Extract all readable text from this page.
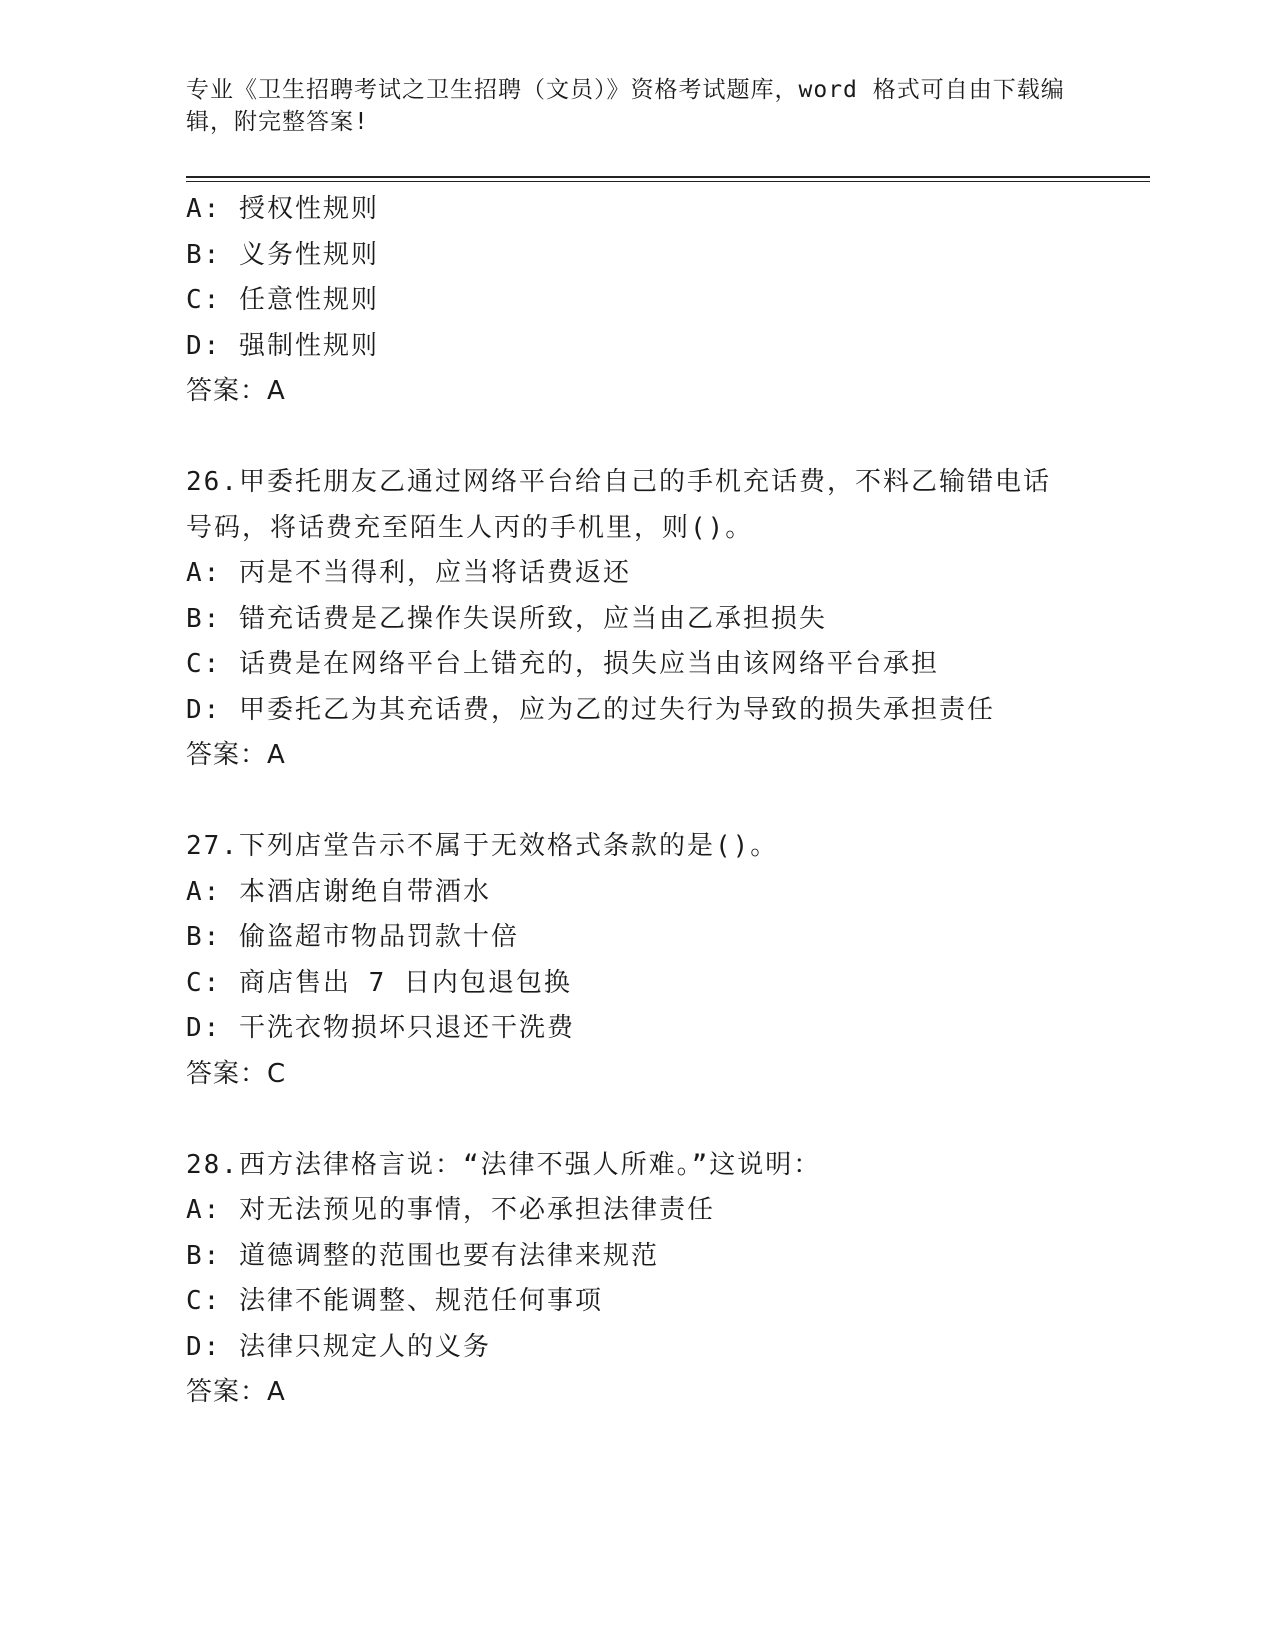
专业《卫生招聘考试之卫生招聘（文员）》资格考试题库，word 格式可自由下载编辑，附完整答案!
A: 授权性规则
B: 义务性规则
C: 任意性规则
D: 强制性规则
答案：A
26.甲委托朋友乙通过网络平台给自己的手机充话费，不料乙输错电话
号码，将话费充至陌生人丙的手机里，则()。
A: 丙是不当得利，应当将话费返还
B: 错充话费是乙操作失误所致，应当由乙承担损失
C: 话费是在网络平台上错充的，损失应当由该网络平台承担
D: 甲委托乙为其充话费，应为乙的过失行为导致的损失承担责任
答案：A
27.下列店堂告示不属于无效格式条款的是()。
A: 本酒店谢绝自带酒水
B: 偷盗超市物品罚款十倍
C: 商店售出 7 日内包退包换
D: 干洗衣物损坏只退还干洗费
答案：C
28.西方法律格言说：“法律不强人所难。”这说明：
A: 对无法预见的事情，不必承担法律责任
B: 道德调整的范围也要有法律来规范
C: 法律不能调整、规范任何事项
D: 法律只规定人的义务
答案：A
